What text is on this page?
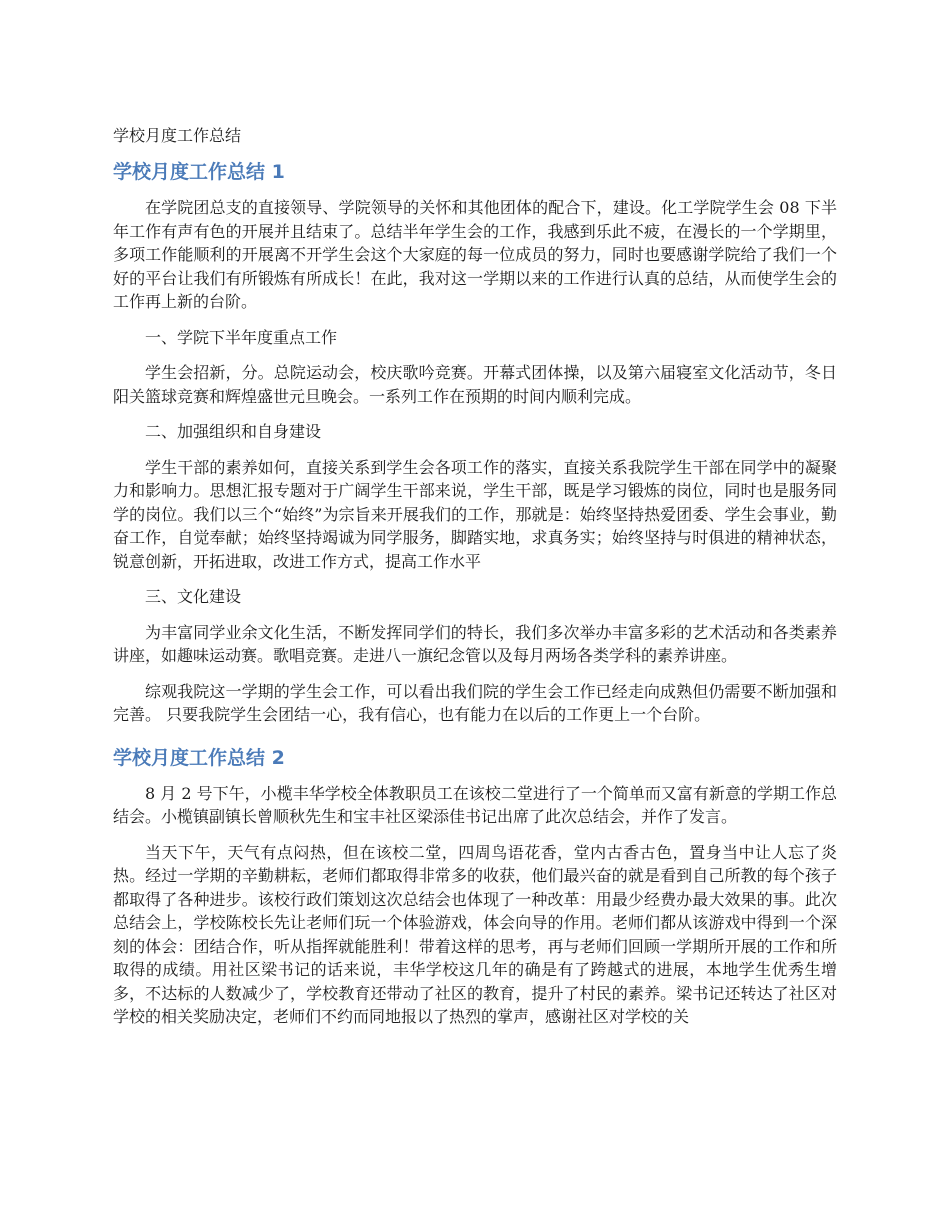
学校月度工作总结
学校月度工作总结 1

在学院团总支的直接领导、学院领导的关怀和其他团体的配合下，建设。化工学院学生会 08 下半年工作有声有色的开展并且结束了。总结半年学生会的工作，我感到乐此不疲，在漫长的一个学期里，多项工作能顺利的开展离不开学生会这个大家庭的每一位成员的努力，同时也要感谢学院给了我们一个好的平台让我们有所锻炼有所成长！在此，我对这一学期以来的工作进行认真的总结，从而使学生会的工作再上新的台阶。

一、学院下半年度重点工作

学生会招新，分。总院运动会，校庆歌吟竞赛。开幕式团体操，以及第六届寝室文化活动节，冬日阳关篮球竞赛和辉煌盛世元旦晚会。一系列工作在预期的时间内顺利完成。

二、加强组织和自身建设

学生干部的素养如何，直接关系到学生会各项工作的落实，直接关系我院学生干部在同学中的凝聚力和影响力。思想汇报专题对于广阔学生干部来说，学生干部，既是学习锻炼的岗位，同时也是服务同学的岗位。我们以三个“始终”为宗旨来开展我们的工作，那就是：始终坚持热爱团委、学生会事业，勤奋工作，自觉奉献；始终坚持竭诚为同学服务，脚踏实地，求真务实；始终坚持与时俱进的精神状态，锐意创新，开拓进取，改进工作方式，提高工作水平

三、文化建设

为丰富同学业余文化生活，不断发挥同学们的特长，我们多次举办丰富多彩的艺术活动和各类素养讲座，如趣味运动赛。歌唱竞赛。走进八一旗纪念管以及每月两场各类学科的素养讲座。

综观我院这一学期的学生会工作，可以看出我们院的学生会工作已经走向成熟但仍需要不断加强和完善。 只要我院学生会团结一心，我有信心，也有能力在以后的工作更上一个台阶。

学校月度工作总结 2

8 月 2 号下午，小榄丰华学校全体教职员工在该校二堂进行了一个简单而又富有新意的学期工作总结会。小榄镇副镇长曾顺秋先生和宝丰社区梁添佳书记出席了此次总结会，并作了发言。

当天下午，天气有点闷热，但在该校二堂，四周鸟语花香，堂内古香古色，置身当中让人忘了炎热。经过一学期的辛勤耕耘，老师们都取得非常多的收获，他们最兴奋的就是看到自己所教的每个孩子都取得了各种进步。该校行政们策划这次总结会也体现了一种改革：用最少经费办最大效果的事。此次总结会上，学校陈校长先让老师们玩一个体验游戏，体会向导的作用。老师们都从该游戏中得到一个深刻的体会：团结合作，听从指挥就能胜利！带着这样的思考，再与老师们回顾一学期所开展的工作和所取得的成绩。用社区梁书记的话来说，丰华学校这几年的确是有了跨越式的进展，本地学生优秀生增多，不达标的人数减少了，学校教育还带动了社区的教育，提升了村民的素养。梁书记还转达了社区对学校的相关奖励决定，老师们不约而同地报以了热烈的掌声，感谢社区对学校的关
